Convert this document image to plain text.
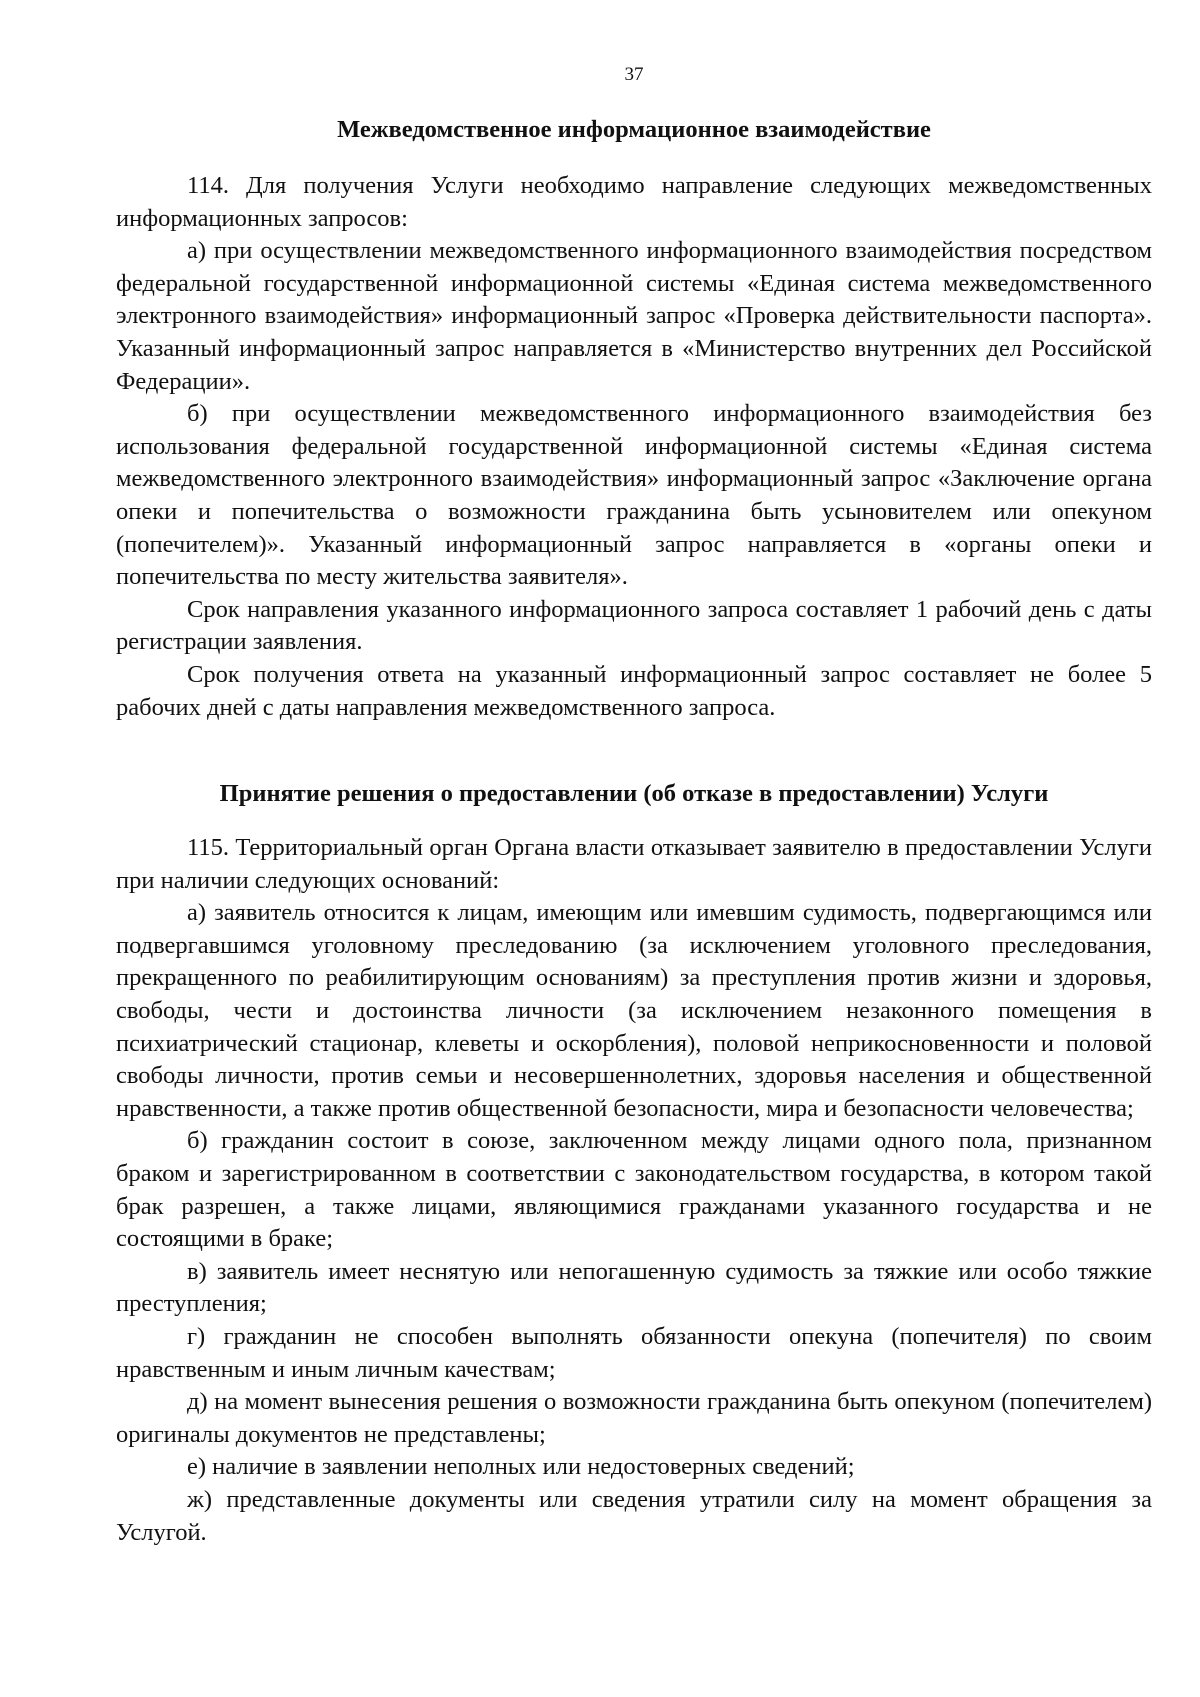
37
Межведомственное информационное взаимодействие

114. Для получения Услуги необходимо направление следующих межведомственных информационных запросов:

а) при осуществлении межведомственного информационного взаимодействия посредством федеральной государственной информационной системы «Единая система межведомственного электронного взаимодействия» информационный запрос «Проверка действительности паспорта». Указанный информационный запрос направляется в «Министерство внутренних дел Российской Федерации».

б) при осуществлении межведомственного информационного взаимодействия без использования федеральной государственной информационной системы «Единая система межведомственного электронного взаимодействия» информационный запрос «Заключение органа опеки и попечительства о возможности гражданина быть усыновителем или опекуном (попечителем)». Указанный информационный запрос направляется в «органы опеки и попечительства по месту жительства заявителя».

Срок направления указанного информационного запроса составляет 1 рабочий день с даты регистрации заявления.

Срок получения ответа на указанный информационный запрос составляет не более 5 рабочих дней с даты направления межведомственного запроса.

Принятие решения о предоставлении (об отказе в предоставлении) Услуги

115. Территориальный орган Органа власти отказывает заявителю в предоставлении Услуги при наличии следующих оснований:

а) заявитель относится к лицам, имеющим или имевшим судимость, подвергающимся или подвергавшимся уголовному преследованию (за исключением уголовного преследования, прекращенного по реабилитирующим основаниям) за преступления против жизни и здоровья, свободы, чести и достоинства личности (за исключением незаконного помещения в психиатрический стационар, клеветы и оскорбления), половой неприкосновенности и половой свободы личности, против семьи и несовершеннолетних, здоровья населения и общественной нравственности, а также против общественной безопасности, мира и безопасности человечества;

б) гражданин состоит в союзе, заключенном между лицами одного пола, признанном браком и зарегистрированном в соответствии с законодательством государства, в котором такой брак разрешен, а также лицами, являющимися гражданами указанного государства и не состоящими в браке;

в) заявитель имеет неснятую или непогашенную судимость за тяжкие или особо тяжкие преступления;

г) гражданин не способен выполнять обязанности опекуна (попечителя) по своим нравственным и иным личным качествам;

д) на момент вынесения решения о возможности гражданина быть опекуном (попечителем) оригиналы документов не представлены;

е) наличие в заявлении неполных или недостоверных сведений;

ж) представленные документы или сведения утратили силу на момент обращения за Услугой.
